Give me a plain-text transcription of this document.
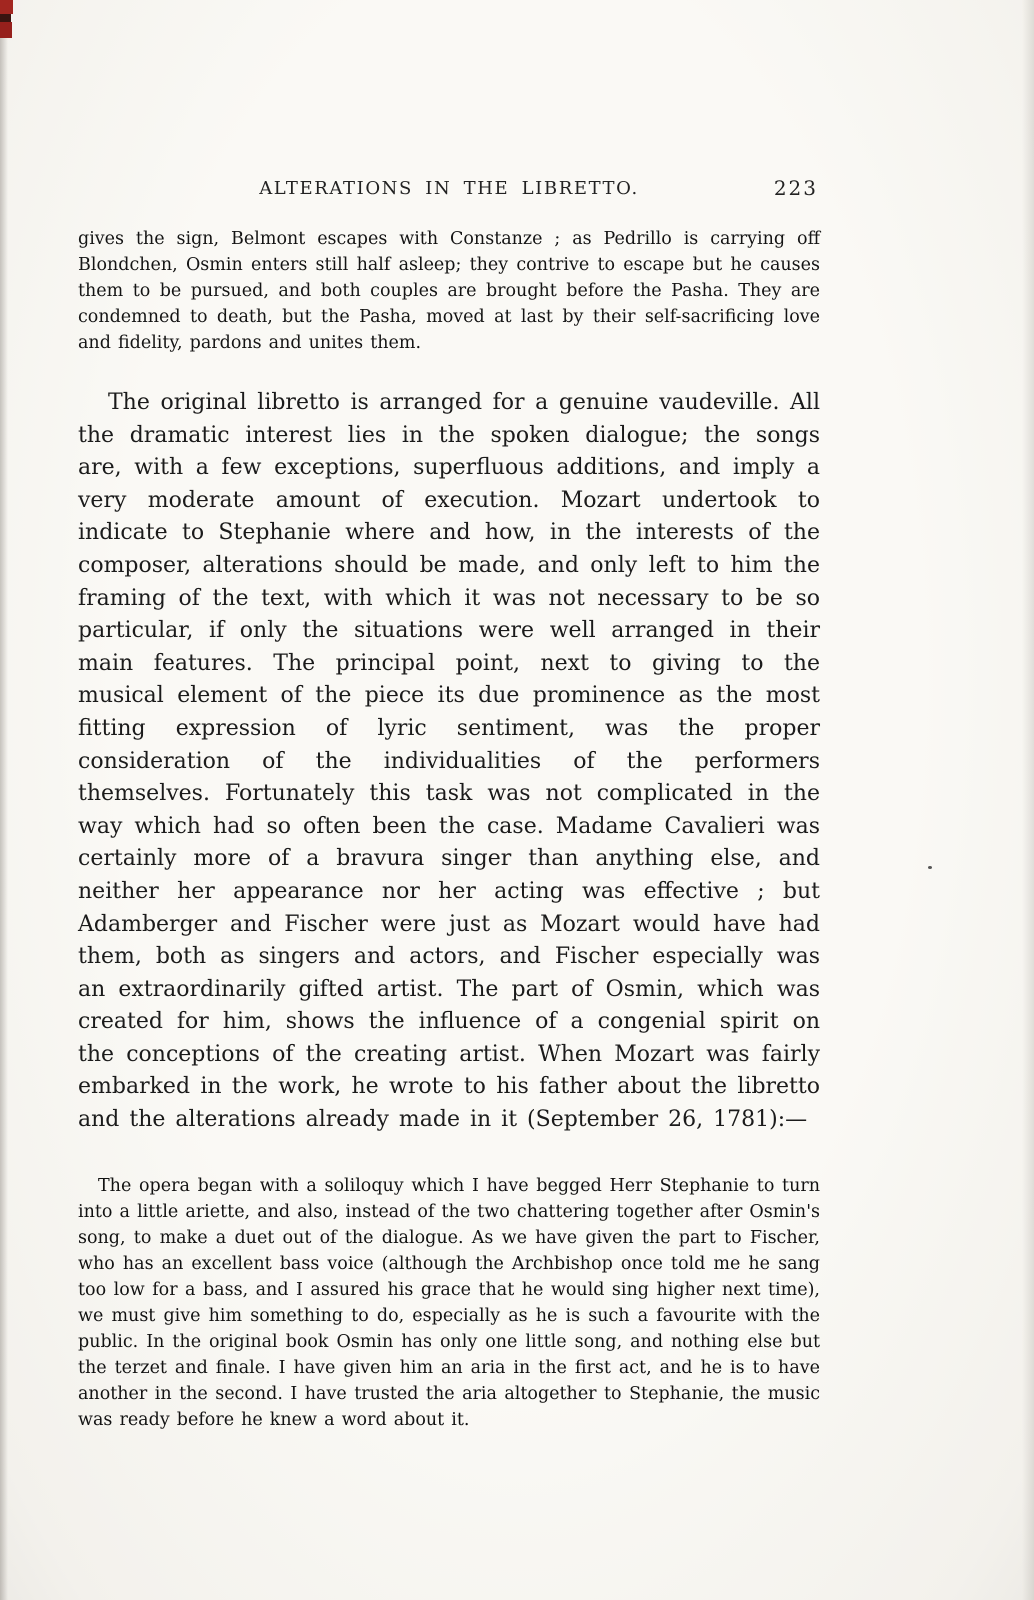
ALTERATIONS IN THE LIBRETTO.	223

gives the sign, Belmont escapes with Constanze ; as Pedrillo is carrying off Blondchen, Osmin enters still half asleep; they contrive to escape but he causes them to be pursued, and both couples are brought before the Pasha. They are condemned to death, but the Pasha, moved at last by their self-sacrificing love and fidelity, pardons and unites them.

The original libretto is arranged for a genuine vaudeville. All the dramatic interest lies in the spoken dialogue; the songs are, with a few exceptions, superfluous additions, and imply a very moderate amount of execution. Mozart undertook to indicate to Stephanie where and how, in the interests of the composer, alterations should be made, and only left to him the framing of the text, with which it was not necessary to be so particular, if only the situations were well arranged in their main features. The principal point, next to giving to the musical element of the piece its due prominence as the most fitting expression of lyric sentiment, was the proper consideration of the individualities of the performers themselves. Fortunately this task was not complicated in the way which had so often been the case. Madame Cavalieri was certainly more of a bravura singer than anything else, and neither her appearance nor her acting was effective ; but Adamberger and Fischer were just as Mozart would have had them, both as singers and actors, and Fischer especially was an extraordinarily gifted artist. The part of Osmin, which was created for him, shows the influence of a congenial spirit on the conceptions of the creating artist. When Mozart was fairly embarked in the work, he wrote to his father about the libretto and the alterations already made in it (September 26, 1781):—

The opera began with a soliloquy which I have begged Herr Stephanie to turn into a little ariette, and also, instead of the two chattering together after Osmin's song, to make a duet out of the dialogue. As we have given the part to Fischer, who has an excellent bass voice (although the Archbishop once told me he sang too low for a bass, and I assured his grace that he would sing higher next time), we must give him something to do, especially as he is such a favourite with the public. In the original book Osmin has only one little song, and nothing else but the terzet and finale. I have given him an aria in the first act, and he is to have another in the second. I have trusted the aria altogether to Stephanie, the music was ready before he knew a word about it.
